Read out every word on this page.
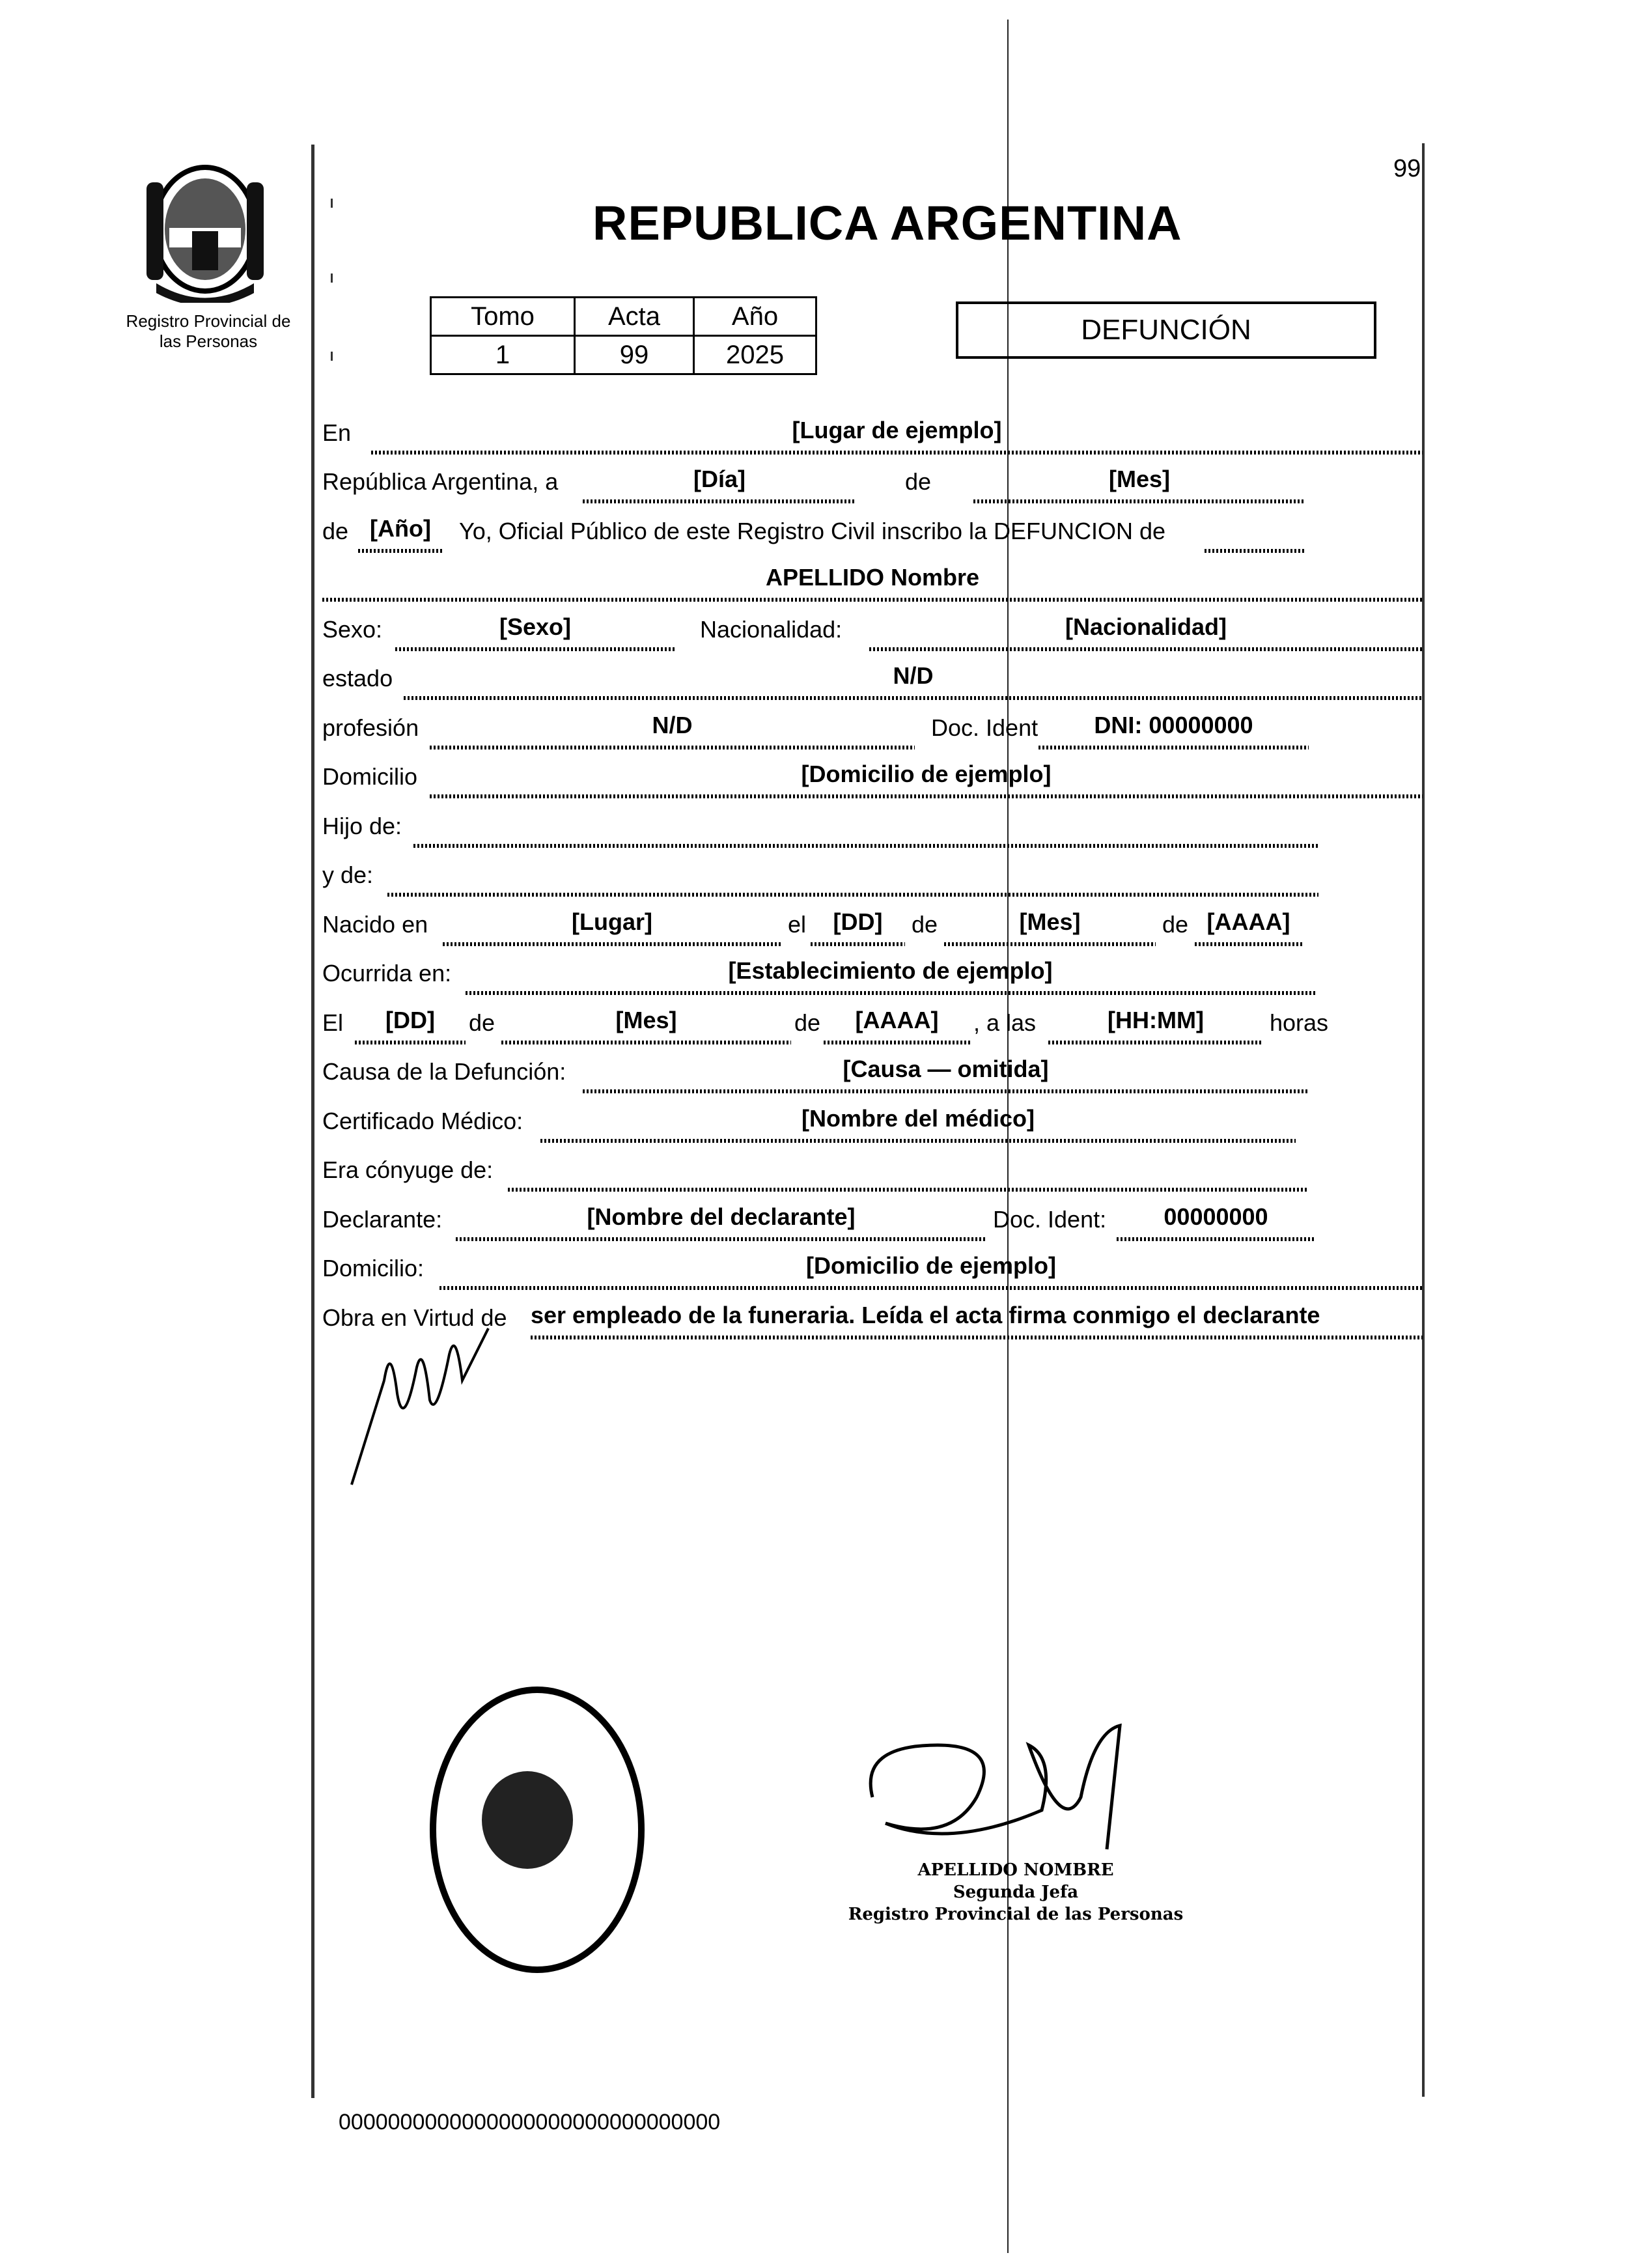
Registro Provincial de
las Personas
99
REPUBLICA ARGENTINA
Tomo	Acta	Año
1	99	2025
DEFUNCIÓN
En	[Lugar de ejemplo]
República Argentina, a	[Día]	de	[Mes]
de [Año]	Yo, Oficial Público de este Registro Civil inscribo la DEFUNCION de
APELLIDO Nombre
Sexo:	[Sexo]	Nacionalidad:	[Nacionalidad]
estado	N/D
profesión	N/D	Doc. Ident	DNI: 00000000
Domicilio	[Domicilio de ejemplo]
Hijo de:
y de:
Nacido en	[Lugar]	el	[DD]	de	[Mes]	de [AAAA]
Ocurrida en:	[Establecimiento de ejemplo]
El	[DD]	de	[Mes]	de	[AAAA]	, a las	[HH:MM]	horas
Causa de la Defunción:	[Causa — omitida]
Certificado Médico:	[Nombre del médico]
Era cónyuge de:
Declarante:	[Nombre del declarante]	Doc. Ident:	00000000
Domicilio:	[Domicilio de ejemplo]
Obra en Virtud de ser empleado de la funeraria. Leída el acta firma conmigo el declarante
APELLIDO NOMBRE
Segunda Jefa
Registro Provincial de las Personas
0000000000000000000000000000000
